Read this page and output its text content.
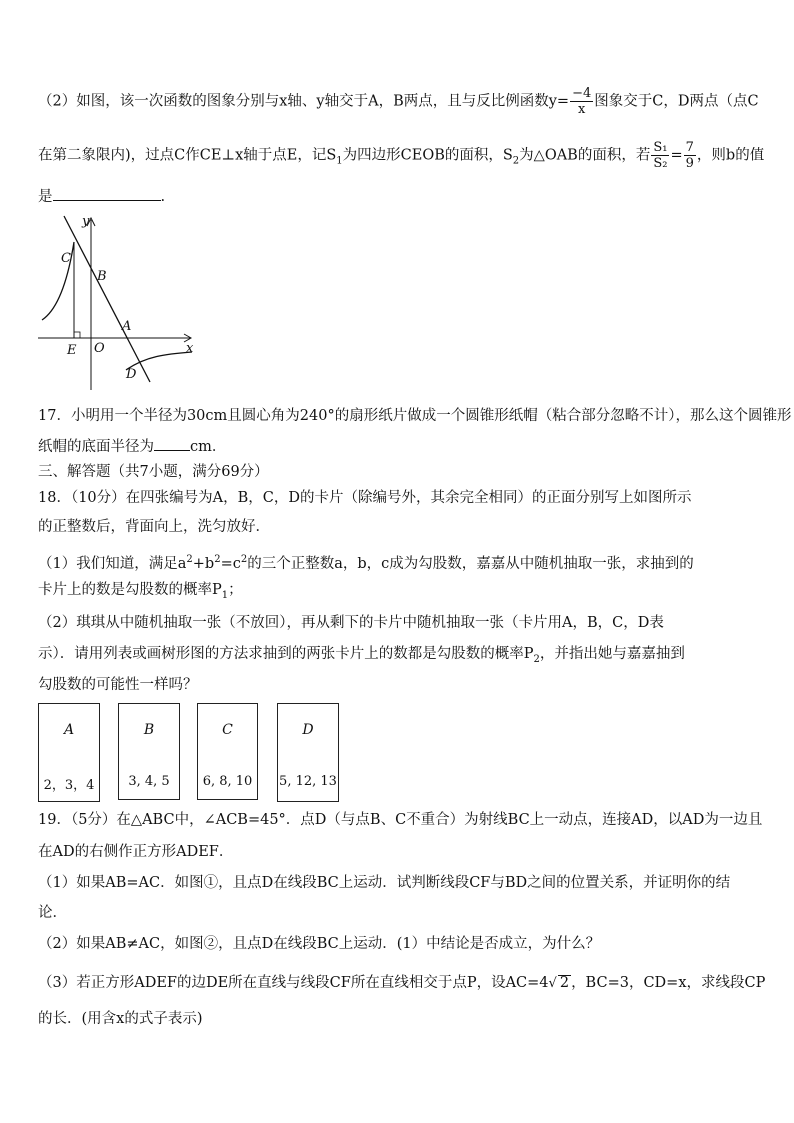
（2）如图，该一次函数的图象分别与x轴、y轴交于A，B两点，且与反比例函数$y= \frac{-4}{x}$ 图象交于C，D两点（点C
在第二象限内)，过点C作CE⊥x轴于点E，记$S_1$为四边形CEOB的面积，$S_2$为△OAB的面积，若 $\frac{\text{S₁}}{\text{S₂}} = \frac{7}{9}$ ，则b的值
是	.
y
x
C
B
A
E O
D
17．小明用一个半径为30cm且圆心角为240°的扇形纸片做成一个圆锥形纸帽（粘合部分忽略不计），那么这个圆锥形
纸帽的底面半径为 cm．
三、解答题（共7小题，满分69分）
18．（10分）在四张编号为A，B，C，D的卡片（除编号外，其余完全相同）的正面分别写上如图所示
的正整数后，背面向上，洗匀放好．
（1）我们知道，满足$a^2+b^2=c^2$的三个正整数a，b，c成为勾股数，嘉嘉从中随机抽取一张，求抽到的
卡片上的数是勾股数的概率$P_1$；
（2）琪琪从中随机抽取一张（不放回），再从剩下的卡片中随机抽取一张（卡片用A，B，C，D表
示）．请用列表或画树形图的方法求抽到的两张卡片上的数都是勾股数的概率$P_2$，并指出她与嘉嘉抽到
勾股数的可能性一样吗？
A
2，3，4
B
3, 4, 5
C
6, 8, 10
D
5, 12, 13
19．（5分）在△ABC中，∠ACB=45°．点D（与点B、C不重合）为射线BC上一动点，连接AD，以AD为一边且
在AD的右侧作正方形ADEF．
（1）如果AB=AC．如图①，且点D在线段BC上运动．试判断线段CF与BD之间的位置关系，并证明你的结
论．
（2）如果AB≠AC，如图②，且点D在线段BC上运动．(1）中结论是否成立，为什么？
（3）若正方形ADEF的边DE所在直线与线段CF所在直线相交于点P，设AC=4√ 2 ，BC=3，CD=x，求线段CP
的长．(用含x的式子表示)
